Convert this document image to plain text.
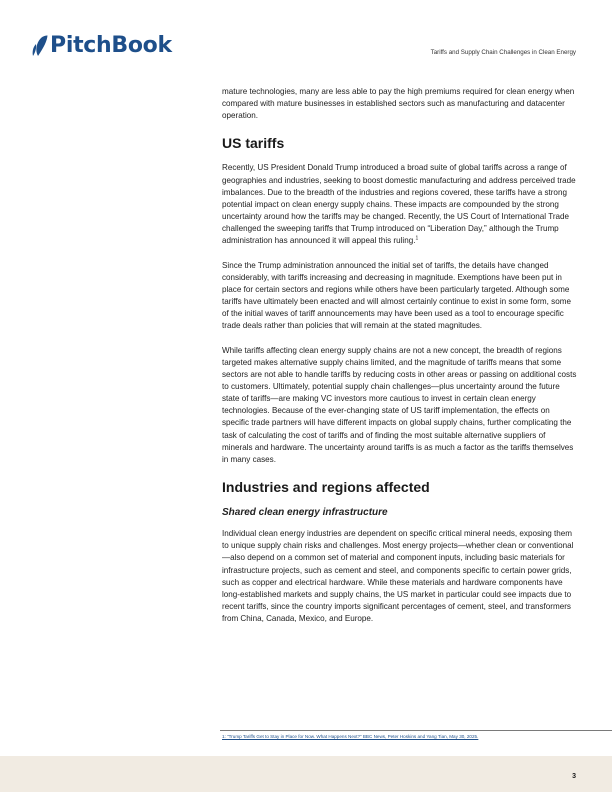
PitchBook	Tariffs and Supply Chain Challenges in Clean Energy

mature technologies, many are less able to pay the high premiums required for clean energy when compared with mature businesses in established sectors such as manufacturing and datacenter operation.

US tariffs

Recently, US President Donald Trump introduced a broad suite of global tariffs across a range of geographies and industries, seeking to boost domestic manufacturing and address perceived trade imbalances. Due to the breadth of the industries and regions covered, these tariffs have a strong potential impact on clean energy supply chains. These impacts are compounded by the strong uncertainty around how the tariffs may be changed. Recently, the US Court of International Trade challenged the sweeping tariffs that Trump introduced on “Liberation Day,” although the Trump administration has announced it will appeal this ruling.$^1$

Since the Trump administration announced the initial set of tariffs, the details have changed considerably, with tariffs increasing and decreasing in magnitude. Exemptions have been put in place for certain sectors and regions while others have been particularly targeted. Although some tariffs have ultimately been enacted and will almost certainly continue to exist in some form, some of the initial waves of tariff announcements may have been used as a tool to encourage specific trade deals rather than policies that will remain at the stated magnitudes.

While tariffs affecting clean energy supply chains are not a new concept, the breadth of regions targeted makes alternative supply chains limited, and the magnitude of tariffs means that some sectors are not able to handle tariffs by reducing costs in other areas or passing on additional costs to customers. Ultimately, potential supply chain challenges—plus uncertainty around the future state of tariffs—are making VC investors more cautious to invest in certain clean energy technologies. Because of the ever-changing state of US tariff implementation, the effects on specific trade partners will have different impacts on global supply chains, further complicating the task of calculating the cost of tariffs and of finding the most suitable alternative suppliers of minerals and hardware. The uncertainty around tariffs is as much a factor as the tariffs themselves in many cases.

Industries and regions affected
Shared clean energy infrastructure

Individual clean energy industries are dependent on specific critical mineral needs, exposing them to unique supply chain risks and challenges. Most energy projects—whether clean or conventional—also depend on a common set of material and component inputs, including basic materials for infrastructure projects, such as cement and steel, and components specific to certain power grids, such as copper and electrical hardware. While these materials and hardware components have long-established markets and supply chains, the US market in particular could see impacts due to recent tariffs, since the country imports significant percentages of cement, steel, and transformers from China, Canada, Mexico, and Europe.

1: “Trump Tariffs Get to Stay in Place for Now. What Happens Next?” BBC News, Peter Hoskins and Yang Tian, May 30, 2025.
3
